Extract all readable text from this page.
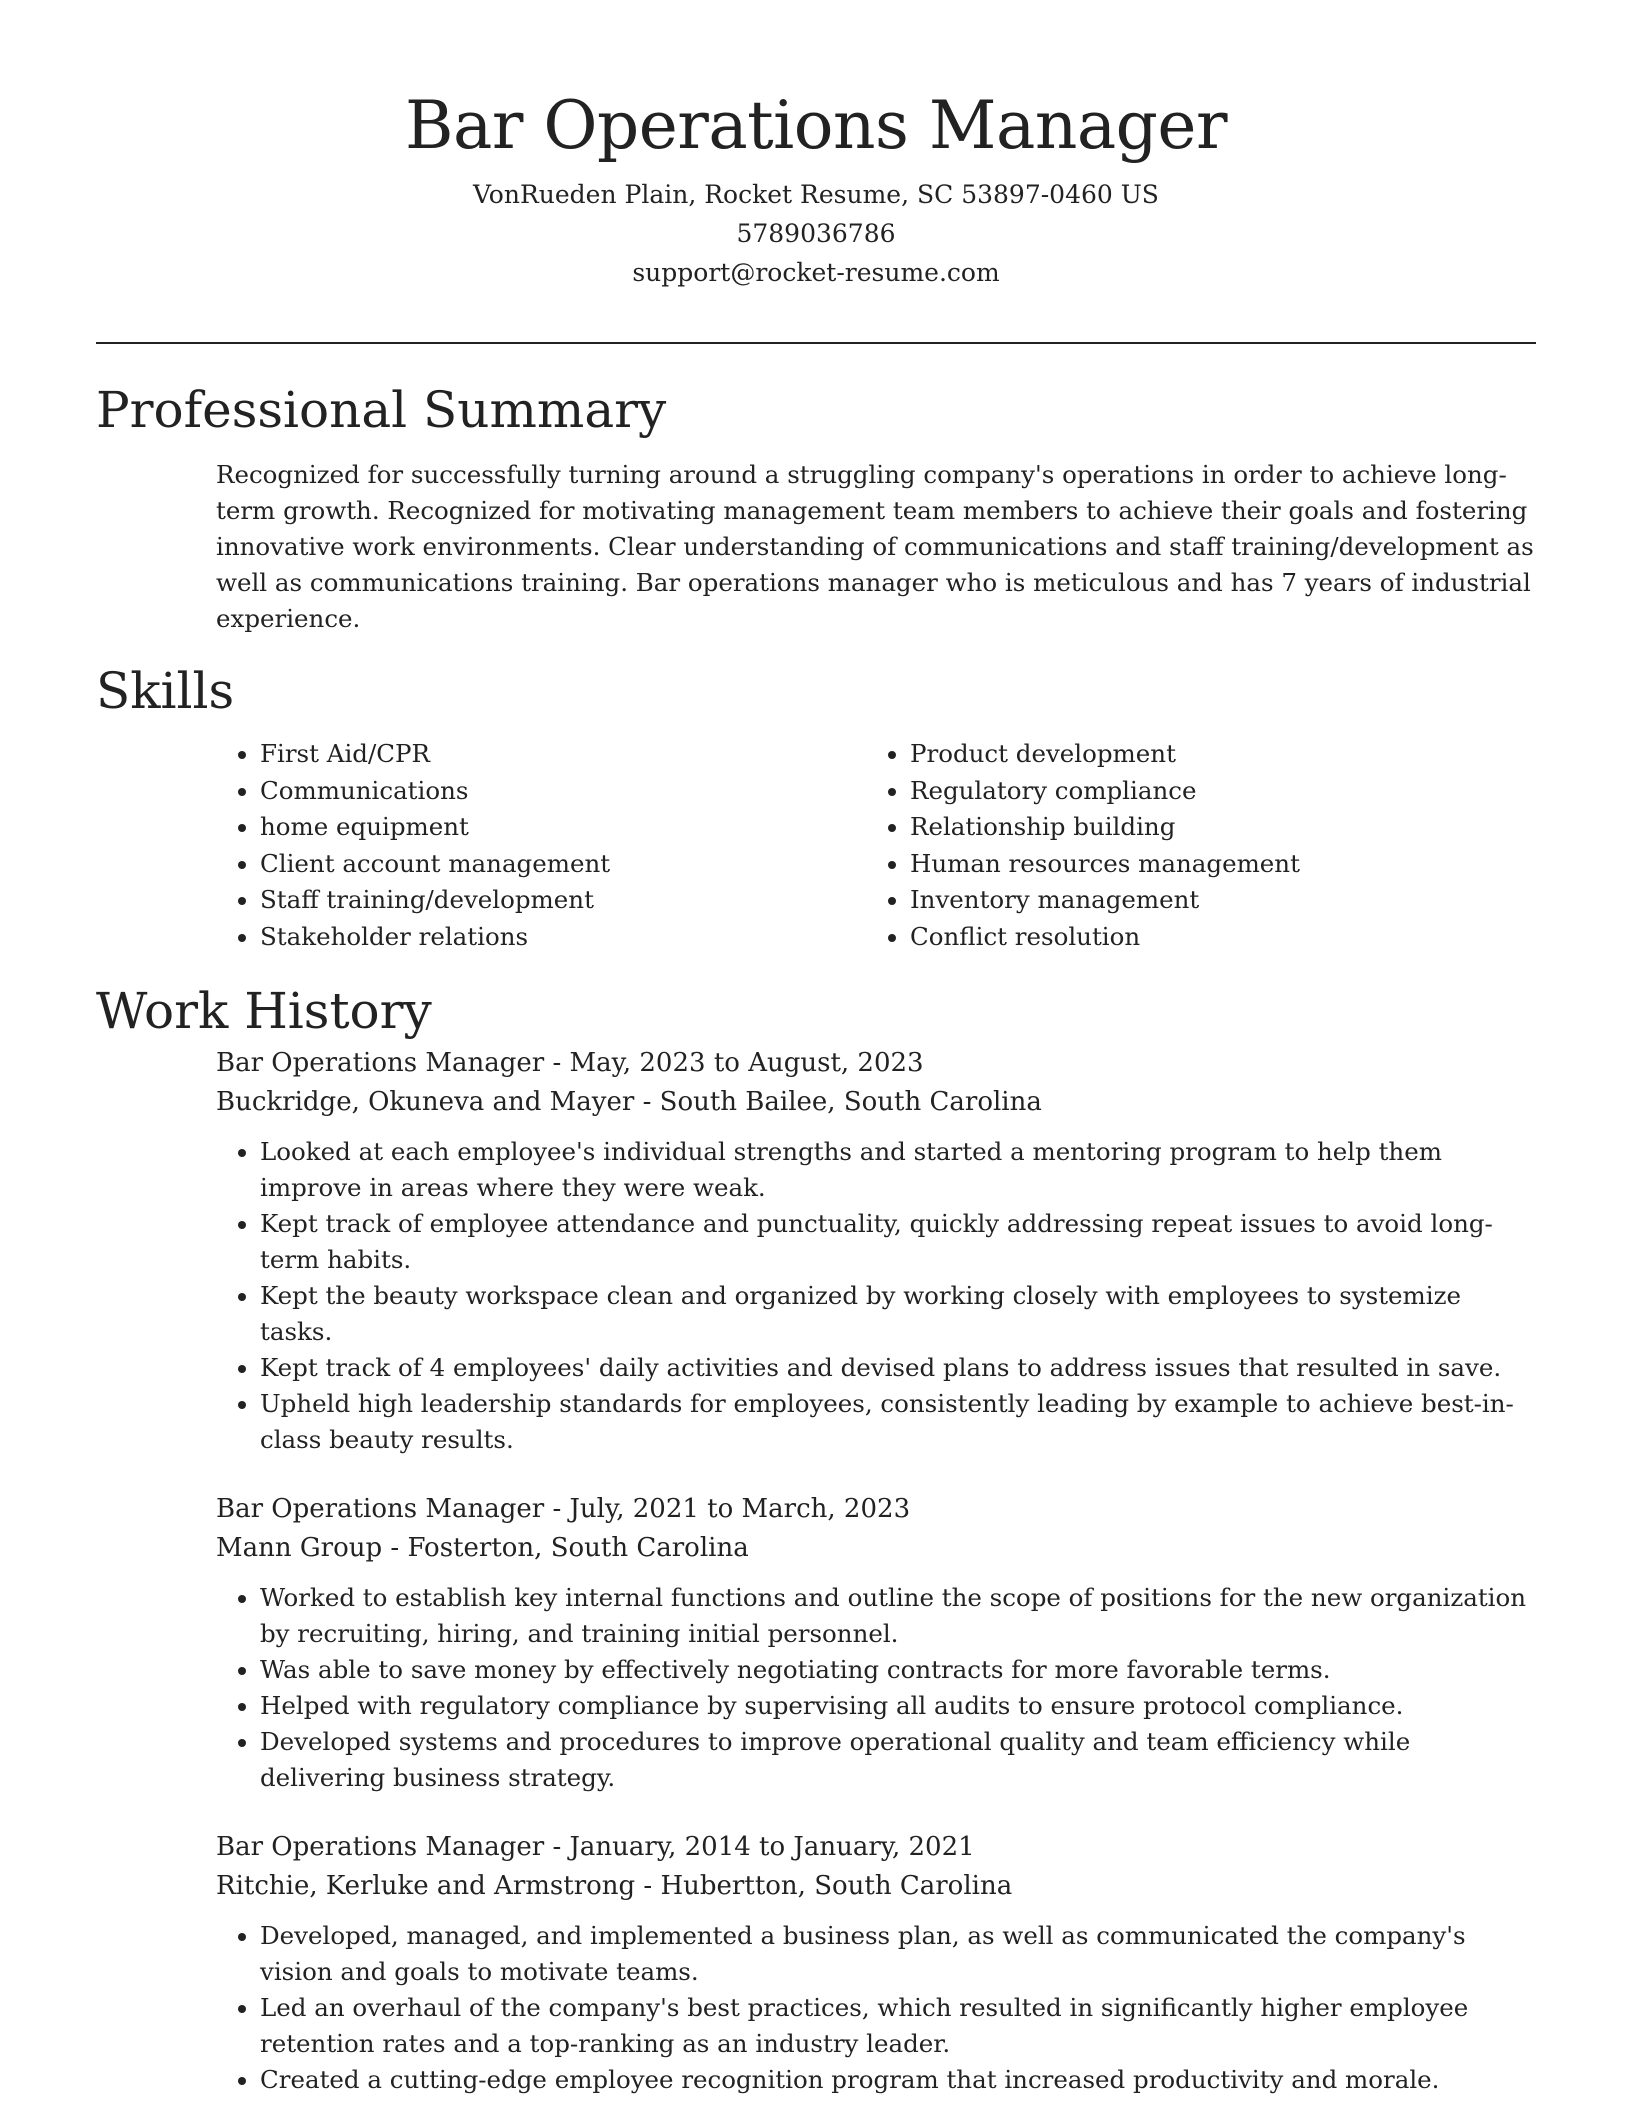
Bar Operations Manager
VonRueden Plain, Rocket Resume, SC 53897-0460 US
5789036786
support@rocket-resume.com
Professional Summary

Recognized for successfully turning around a struggling company's operations in order to achieve long-term growth. Recognized for motivating management team members to achieve their goals and fostering innovative work environments. Clear understanding of communications and staff training/development as well as communications training. Bar operations manager who is meticulous and has 7 years of industrial experience.

Skills
• First Aid/CPR
• Communications
• home equipment
• Client account management
• Staff training/development
• Stakeholder relations
• Product development
• Regulatory compliance
• Relationship building
• Human resources management
• Inventory management
• Conflict resolution
Work History
Bar Operations Manager - May, 2023 to August, 2023
Buckridge, Okuneva and Mayer - South Bailee, South Carolina
• Looked at each employee's individual strengths and started a mentoring program to help them improve in areas where they were weak.
• Kept track of employee attendance and punctuality, quickly addressing repeat issues to avoid long-term habits.
• Kept the beauty workspace clean and organized by working closely with employees to systemize tasks.
• Kept track of 4 employees' daily activities and devised plans to address issues that resulted in save.
• Upheld high leadership standards for employees, consistently leading by example to achieve best-in-class beauty results.
Bar Operations Manager - July, 2021 to March, 2023
Mann Group - Fosterton, South Carolina
• Worked to establish key internal functions and outline the scope of positions for the new organization by recruiting, hiring, and training initial personnel.
• Was able to save money by effectively negotiating contracts for more favorable terms.
• Helped with regulatory compliance by supervising all audits to ensure protocol compliance.
• Developed systems and procedures to improve operational quality and team efficiency while delivering business strategy.
Bar Operations Manager - January, 2014 to January, 2021
Ritchie, Kerluke and Armstrong - Hubertton, South Carolina
• Developed, managed, and implemented a business plan, as well as communicated the company's vision and goals to motivate teams.
• Led an overhaul of the company's best practices, which resulted in significantly higher employee retention rates and a top-ranking as an industry leader.
• Created a cutting-edge employee recognition program that increased productivity and morale.
